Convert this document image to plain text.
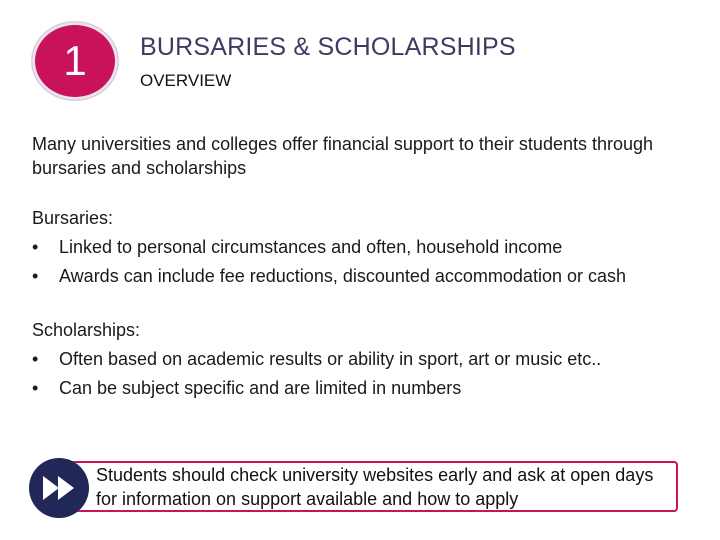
1 BURSARIES & SCHOLARSHIPS
OVERVIEW
Many universities and colleges offer financial support to their students through bursaries and scholarships
Bursaries:
•	Linked to personal circumstances and often, household income
•	Awards can include fee reductions, discounted accommodation or cash
Scholarships:
•	Often based on academic results or ability in sport, art or music etc..
•	Can be subject specific and are limited in numbers
Students should check university websites early and ask at open days for information on support available and how to apply
